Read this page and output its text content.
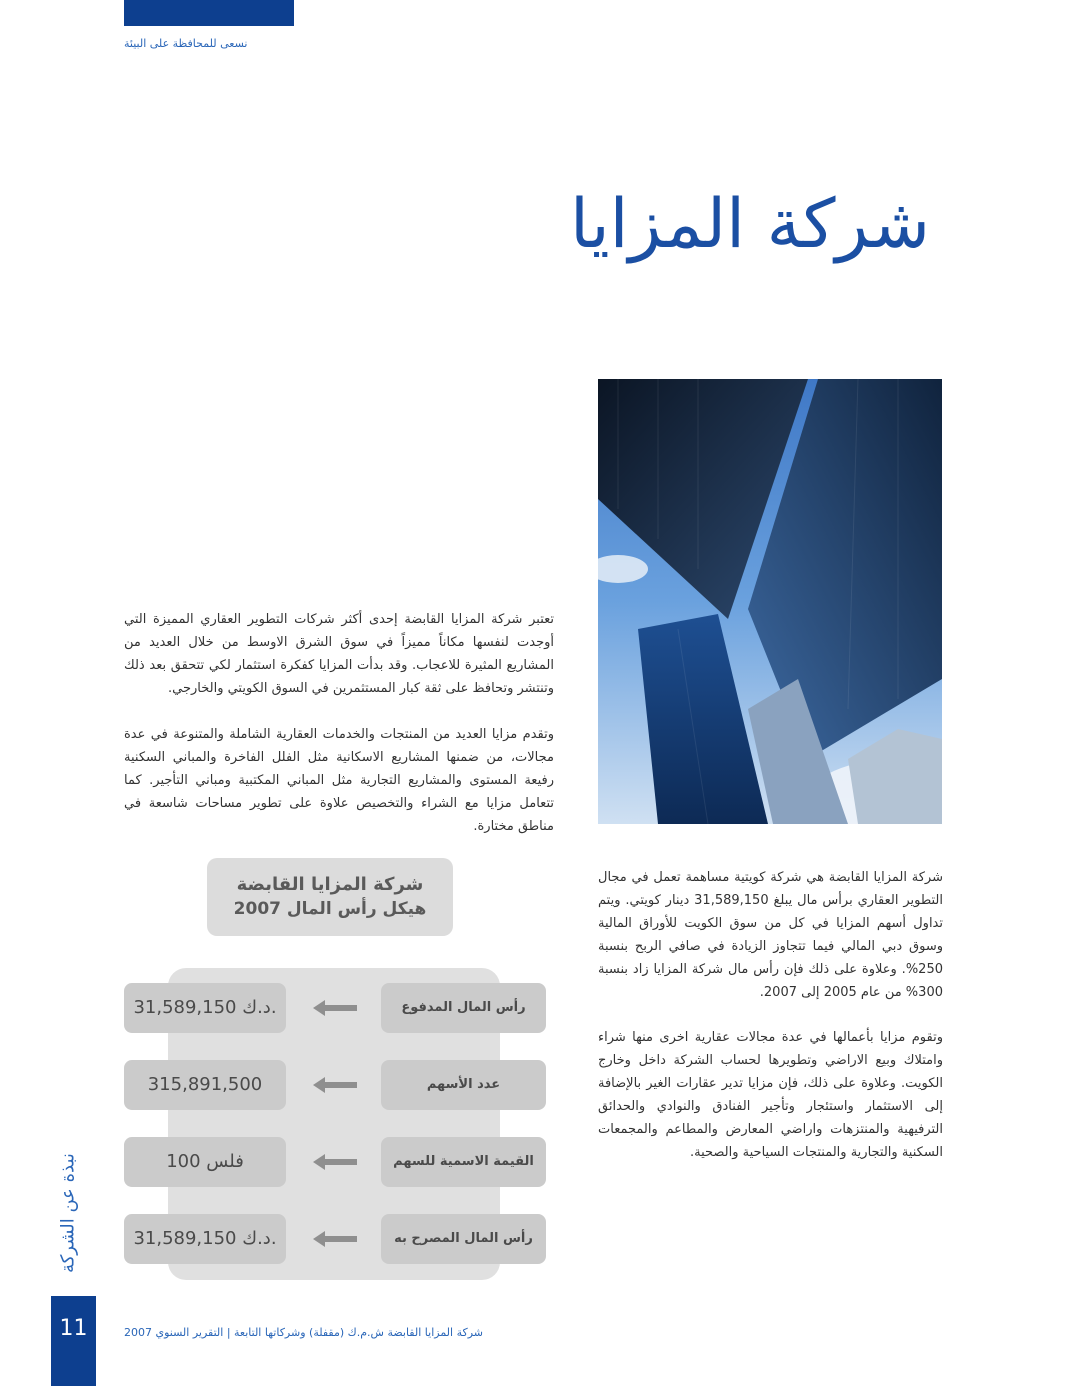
نسعى للمحافظة على البيئة
شركة المزايا

تعتبر شركة المزايا القابضة إحدى أكثر شركات التطوير العقاري المميزة التي أوجدت لنفسها مكاناً مميزاً في سوق الشرق الاوسط من خلال العديد من المشاريع المثيرة للاعجاب. وقد بدأت المزايا كفكرة استثمار لكي تتحقق بعد ذلك وتنتشر وتحافظ على ثقة كبار المستثمرين في السوق الكويتي والخارجي.

وتقدم مزايا العديد من المنتجات والخدمات العقارية الشاملة والمتنوعة في عدة مجالات، من ضمنها المشاريع الاسكانية مثل الفلل الفاخرة والمباني السكنية رفيعة المستوى والمشاريع التجارية مثل المباني المكتبية ومباني التأجير. كما تتعامل مزايا مع الشراء والتخصيص علاوة على تطوير مساحات شاسعة في مناطق مختارة.

شركة المزايا القابضة هي شركة كويتية مساهمة تعمل في مجال التطوير العقاري برأس مال يبلغ 31,589,150 دينار كويتي. ويتم تداول أسهم المزايا في كل من سوق الكويت للأوراق المالية وسوق دبي المالي فيما تتجاوز الزيادة في صافي الربح بنسبة 250%. وعلاوة على ذلك فإن رأس مال شركة المزايا زاد بنسبة 300% من عام 2005 إلى 2007.

وتقوم مزايا بأعمالها في عدة مجالات عقارية اخرى منها شراء وامتلاك وبيع الاراضي وتطويرها لحساب الشركة داخل وخارج الكويت. وعلاوة على ذلك، فإن مزايا تدير عقارات الغير بالإضافة إلى الاستثمار واستئجار وتأجير الفنادق والنوادي والحدائق الترفيهية والمنتزهات واراضي المعارض والمطاعم والمجمعات السكنية والتجارية والمنتجات السياحية والصحية.

شركة المزايا القابضة
هيكل رأس المال 2007
31,589,150 د.ك.	رأس المال المدفوع
315,891,500	عدد الأسهم
100 فلس	القيمة الاسمية للسهم
31,589,150 د.ك.	رأس المال المصرح به
نبذة عن الشركة
11	شركة المزايا القابضة ش.م.ك (مقفلة) وشركاتها التابعة | التقرير السنوي 2007
